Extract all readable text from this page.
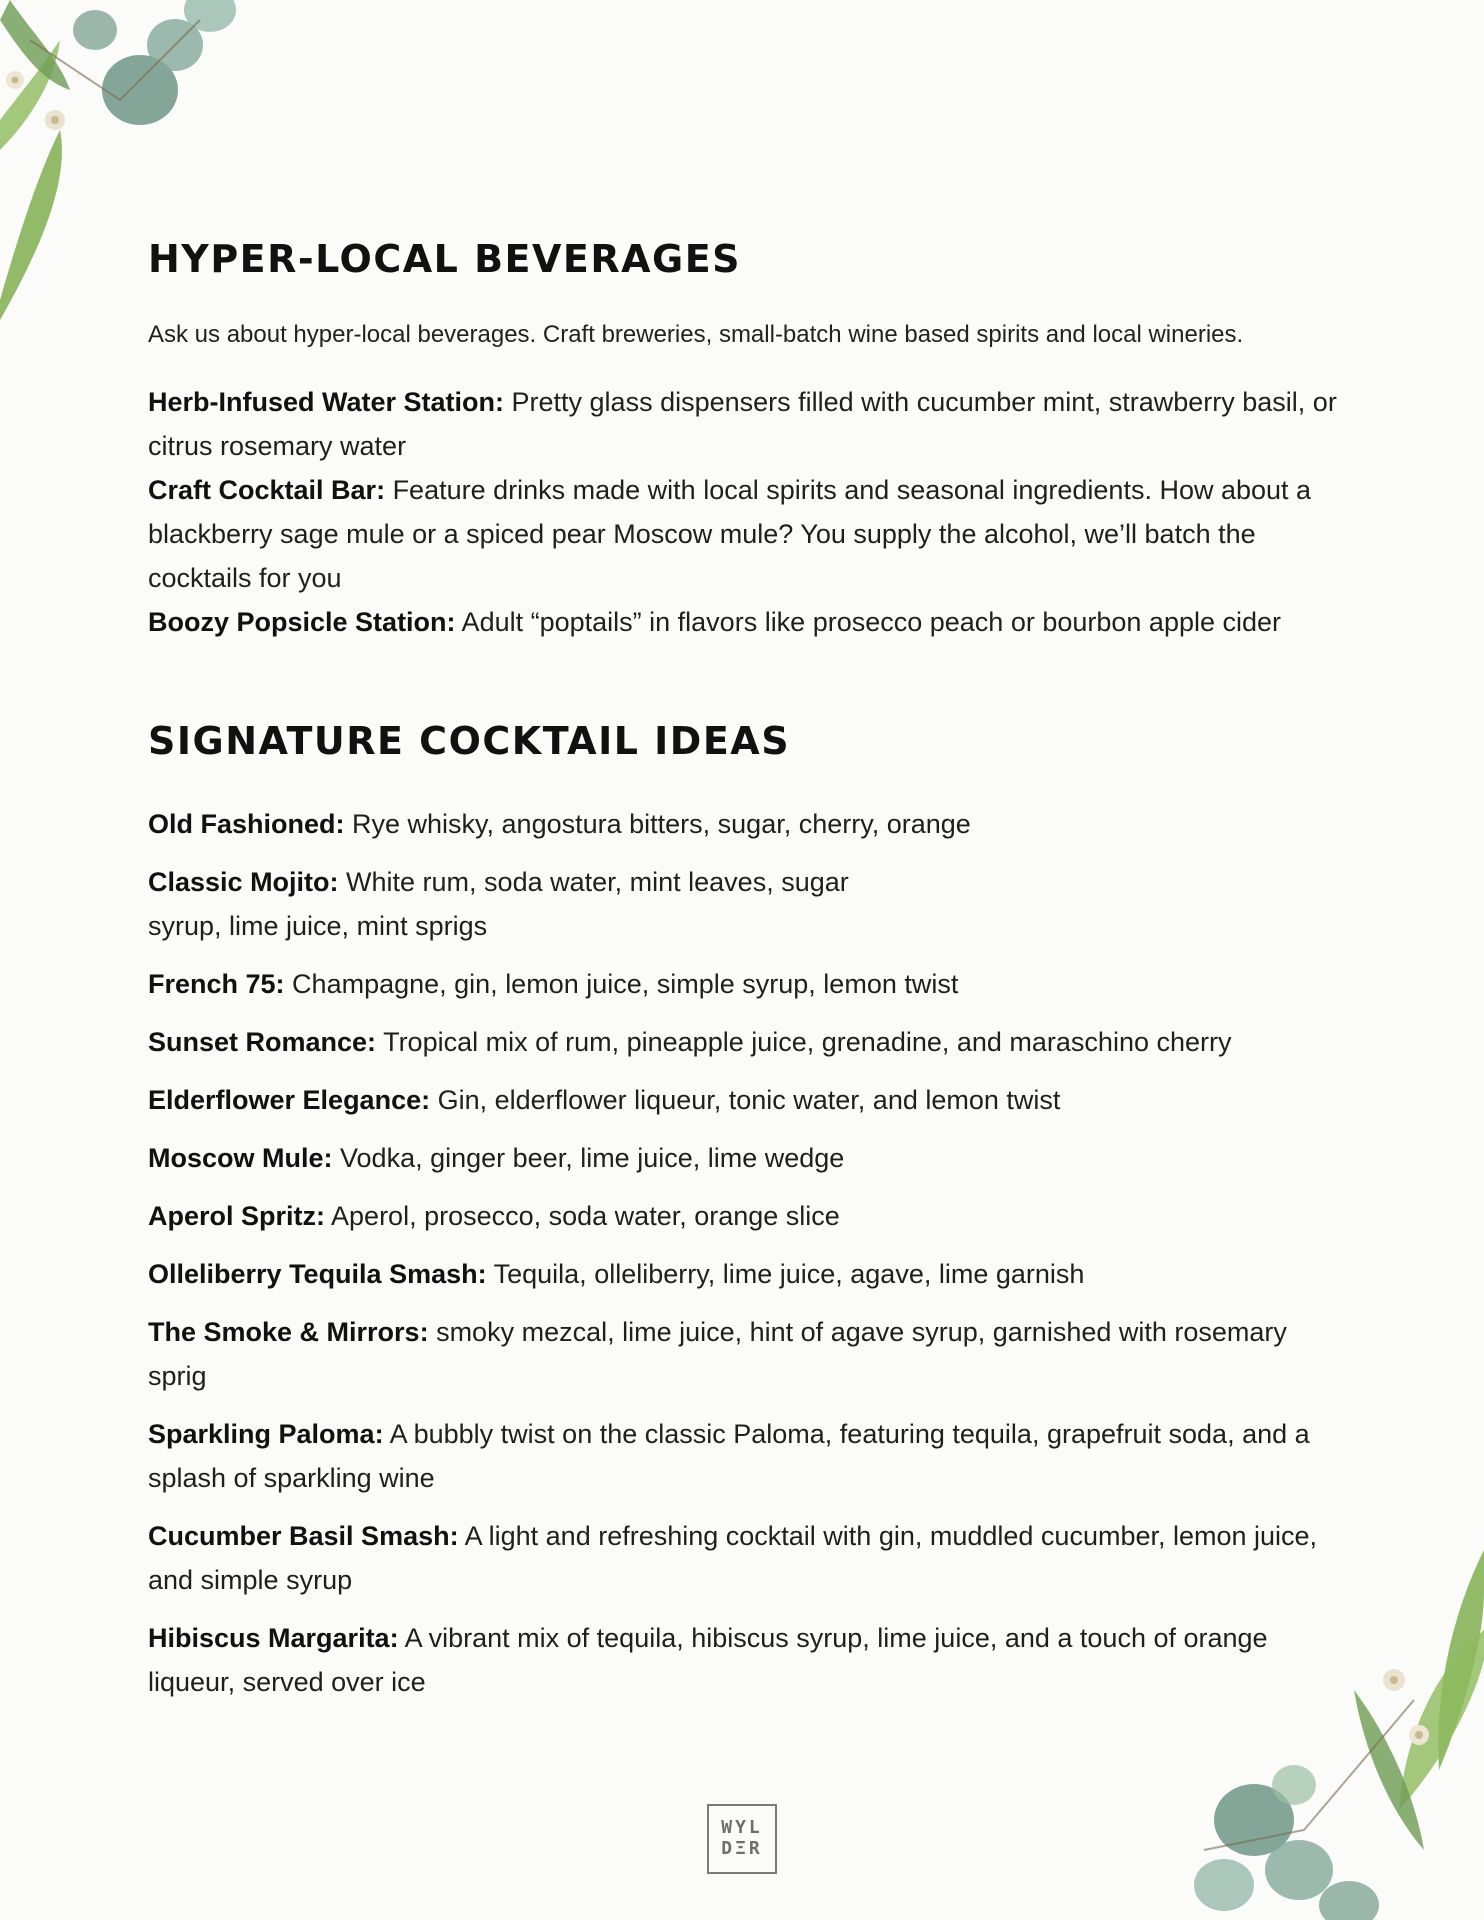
HYPER-LOCAL BEVERAGES

Ask us about hyper-local beverages. Craft breweries, small-batch wine based spirits and local wineries.

Herb-Infused Water Station: Pretty glass dispensers filled with cucumber mint, strawberry basil, or citrus rosemary water
Craft Cocktail Bar: Feature drinks made with local spirits and seasonal ingredients. How about a blackberry sage mule or a spiced pear Moscow mule? You supply the alcohol, we’ll batch the cocktails for you
Boozy Popsicle Station: Adult “poptails” in flavors like prosecco peach or bourbon apple cider
SIGNATURE COCKTAIL IDEAS
Old Fashioned: Rye whisky, angostura bitters, sugar, cherry, orange
Classic Mojito: White rum, soda water, mint leaves, sugar syrup, lime juice, mint sprigs
French 75: Champagne, gin, lemon juice, simple syrup, lemon twist
Sunset Romance: Tropical mix of rum, pineapple juice, grenadine, and maraschino cherry
Elderflower Elegance: Gin, elderflower liqueur, tonic water, and lemon twist
Moscow Mule: Vodka, ginger beer, lime juice, lime wedge
Aperol Spritz: Aperol, prosecco, soda water, orange slice
Olleliberry Tequila Smash: Tequila, olleliberry, lime juice, agave, lime garnish
The Smoke & Mirrors: smoky mezcal, lime juice, hint of agave syrup, garnished with rosemary sprig
Sparkling Paloma: A bubbly twist on the classic Paloma, featuring tequila, grapefruit soda, and a splash of sparkling wine
Cucumber Basil Smash: A light and refreshing cocktail with gin, muddled cucumber, lemon juice, and simple syrup
Hibiscus Margarita: A vibrant mix of tequila, hibiscus syrup, lime juice, and a touch of orange liqueur, served over ice
WYL
DΞR
